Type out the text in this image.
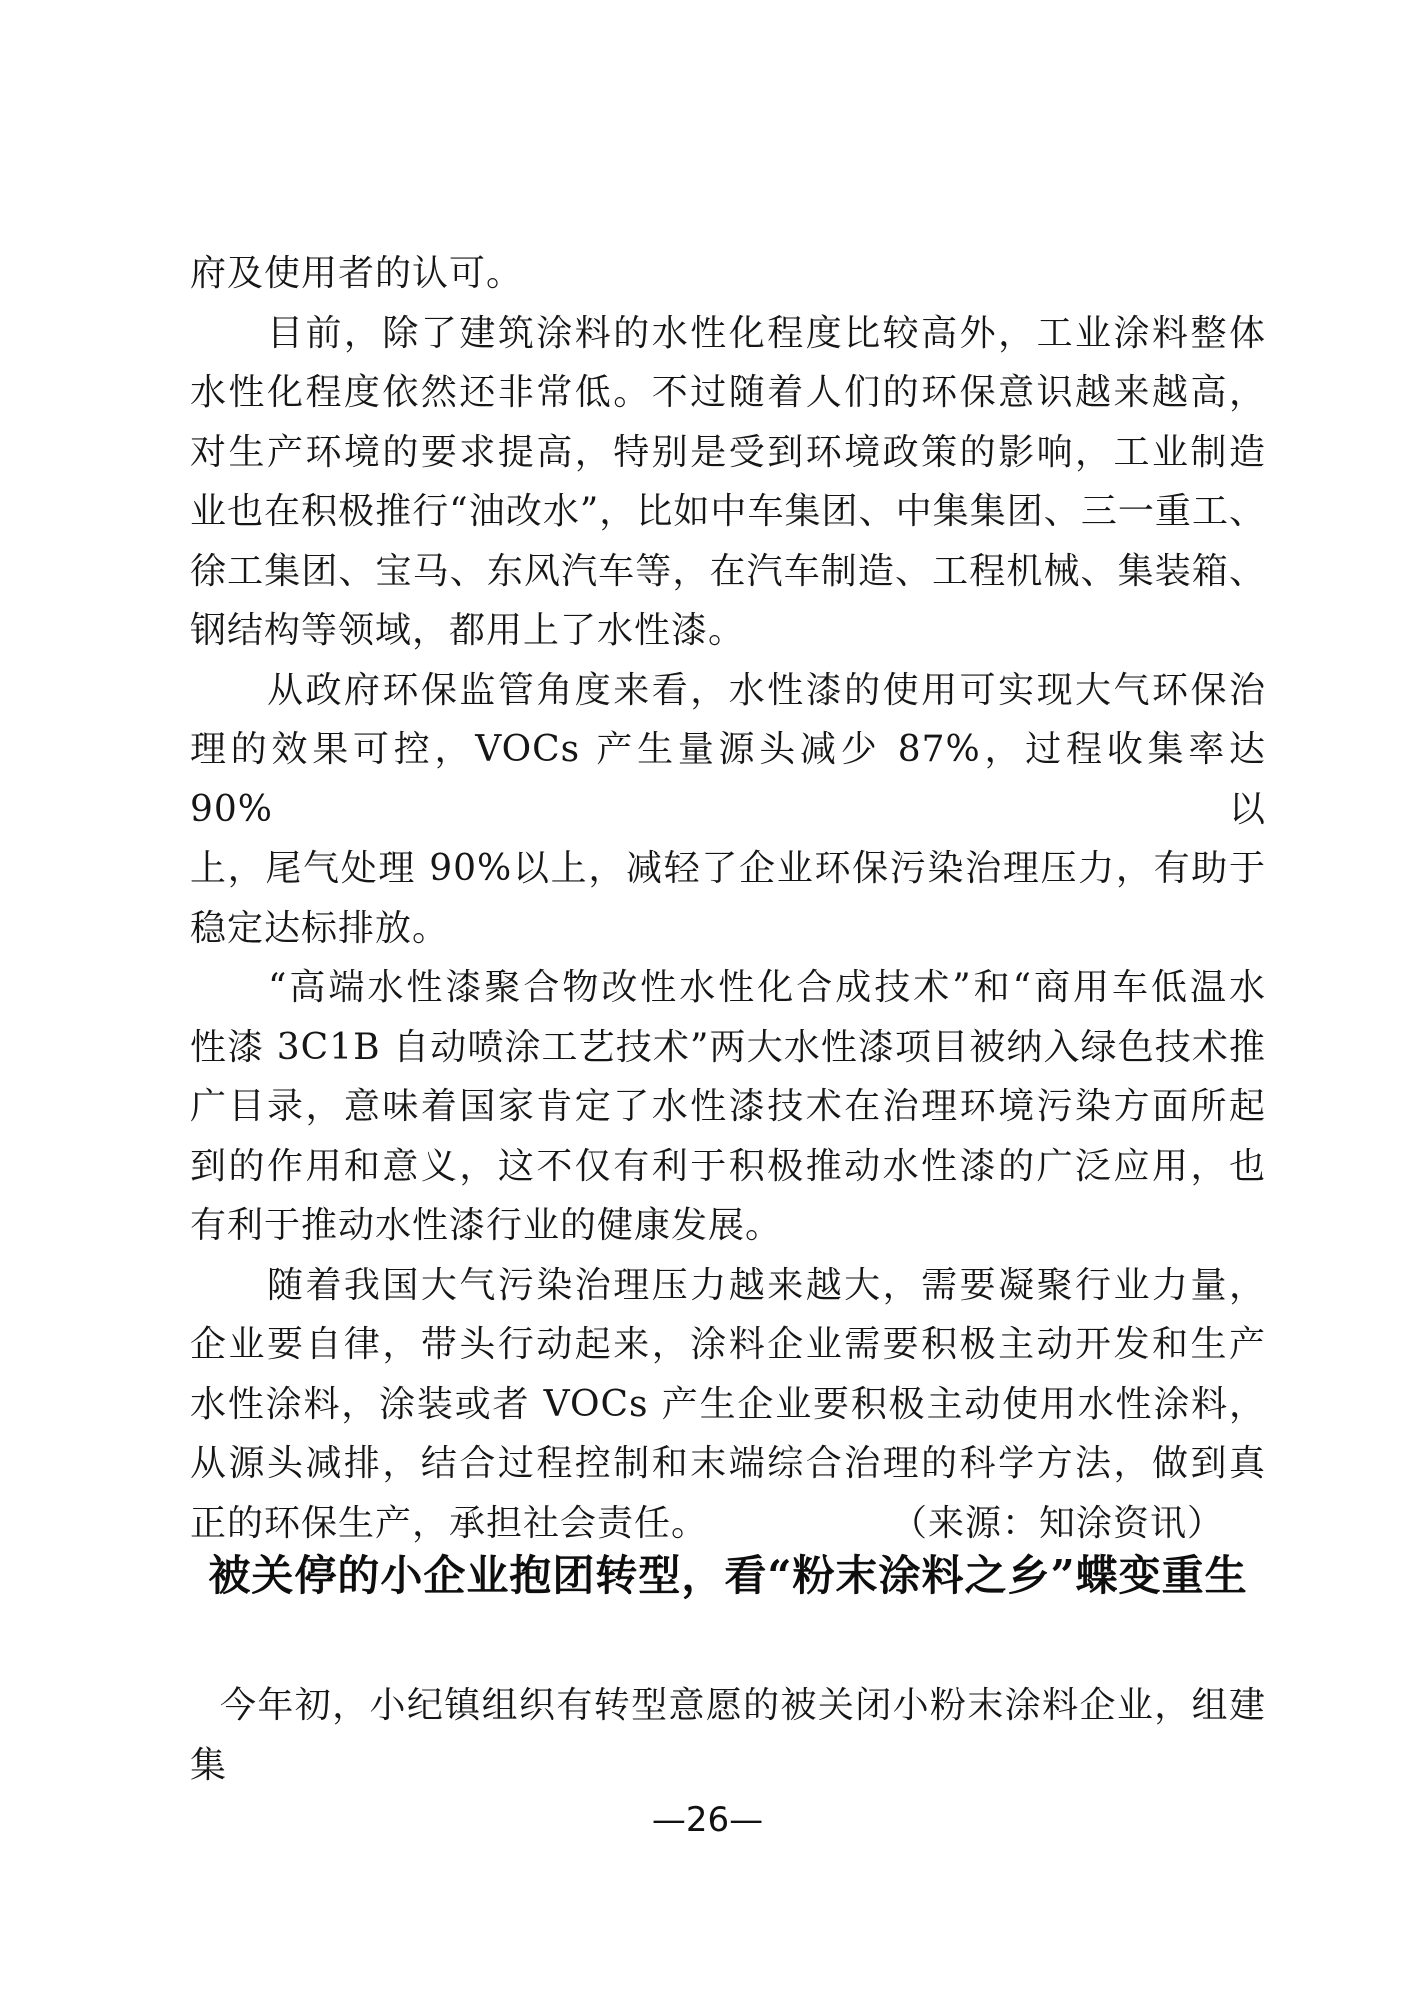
府及使用者的认可。
　　目前，除了建筑涂料的水性化程度比较高外，工业涂料整体
水性化程度依然还非常低。不过随着人们的环保意识越来越高，
对生产环境的要求提高，特别是受到环境政策的影响，工业制造
业也在积极推行“油改水”，比如中车集团、中集集团、三一重工、
徐工集团、宝马、东风汽车等，在汽车制造、工程机械、集装箱、
钢结构等领域，都用上了水性漆。
　　从政府环保监管角度来看，水性漆的使用可实现大气环保治
理的效果可控，VOCs 产生量源头减少 87%，过程收集率达 90%以
上，尾气处理 90%以上，减轻了企业环保污染治理压力，有助于
稳定达标排放。
　　“高端水性漆聚合物改性水性化合成技术”和“商用车低温水
性漆 3C1B 自动喷涂工艺技术”两大水性漆项目被纳入绿色技术推
广目录，意味着国家肯定了水性漆技术在治理环境污染方面所起
到的作用和意义，这不仅有利于积极推动水性漆的广泛应用，也
有利于推动水性漆行业的健康发展。
　　随着我国大气污染治理压力越来越大，需要凝聚行业力量，
企业要自律，带头行动起来，涂料企业需要积极主动开发和生产
水性涂料，涂装或者 VOCs 产生企业要积极主动使用水性涂料，
从源头减排，结合过程控制和末端综合治理的科学方法，做到真
正的环保生产，承担社会责任。	（来源：知涂资讯）
被关停的小企业抱团转型，看“粉末涂料之乡”蝶变重生
今年初，小纪镇组织有转型意愿的被关闭小粉末涂料企业，组建集
—26—
